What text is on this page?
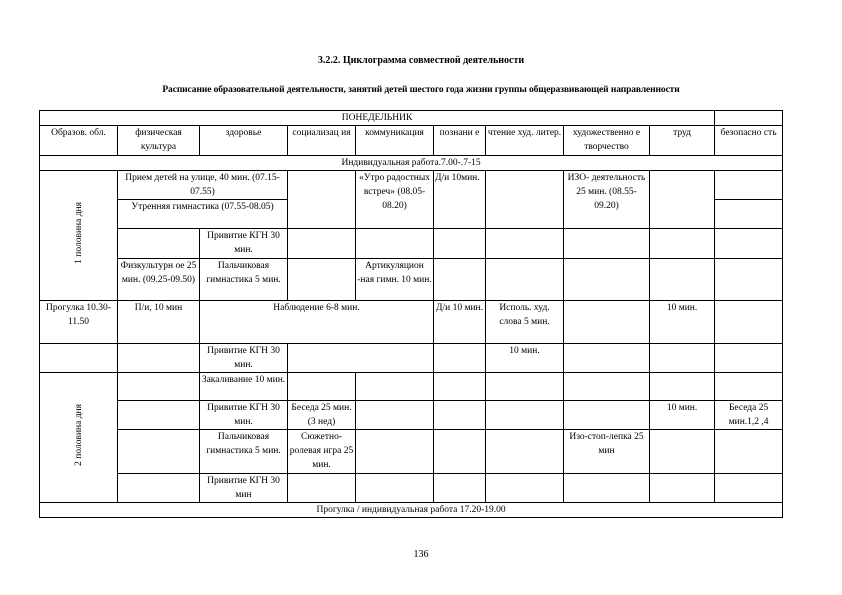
3.2.2. Циклограмма совместной деятельности
Расписание образовательной деятельности, занятий детей шестого года жизни группы общеразвивающей направленности
ПОНЕДЕЛЬНИК									
Образов. обл.	физическая культура	здоровье	социализац ия	коммуникация	познани е	чтение худ. литер.	художественно е творчество	труд	безопасно сть
Индивидуальная работа.7.00-.7-15									
1 половина дня	Прием детей на улице, 40 мин. (07.15-07.55)			«Утро радостных встреч» (08.05-08.20)	Д/и 10мин.		ИЗО- деятельность 25 мин. (08.55-09.20)		
	Утренняя гимнастика (07.55-08.05)								
		Привитие КГН 30 мин.							
	Физкультурн ое 25 мин. (09.25-09.50)	Пальчиковая гимнастика 5 мин.		Артикуляцион -ная гимн. 10 мин.					
Прогулка 10.30-11.50	П/и, 10 мин	Наблюдение 6-8 мин.			Д/и 10 мин.	Исполь. худ. слова 5 мин.		10 мин.	
		Привитие КГН 30 мин.				10 мин.			
2 половина дня		Закаливание 10 мин.							
		Привитие КГН 30 мин.	Беседа 25 мин.(3 нед)					10 мин.	Беседа 25 мин.1,2 ,4
		Пальчиковая гимнастика 5 мин.	Сюжетно- ролевая игра 25 мин.				Изо-стоп-лепка 25 мин		
		Привитие КГН 30 мин							
Прогулка / индивидуальная работа 17.20-19.00									
136
